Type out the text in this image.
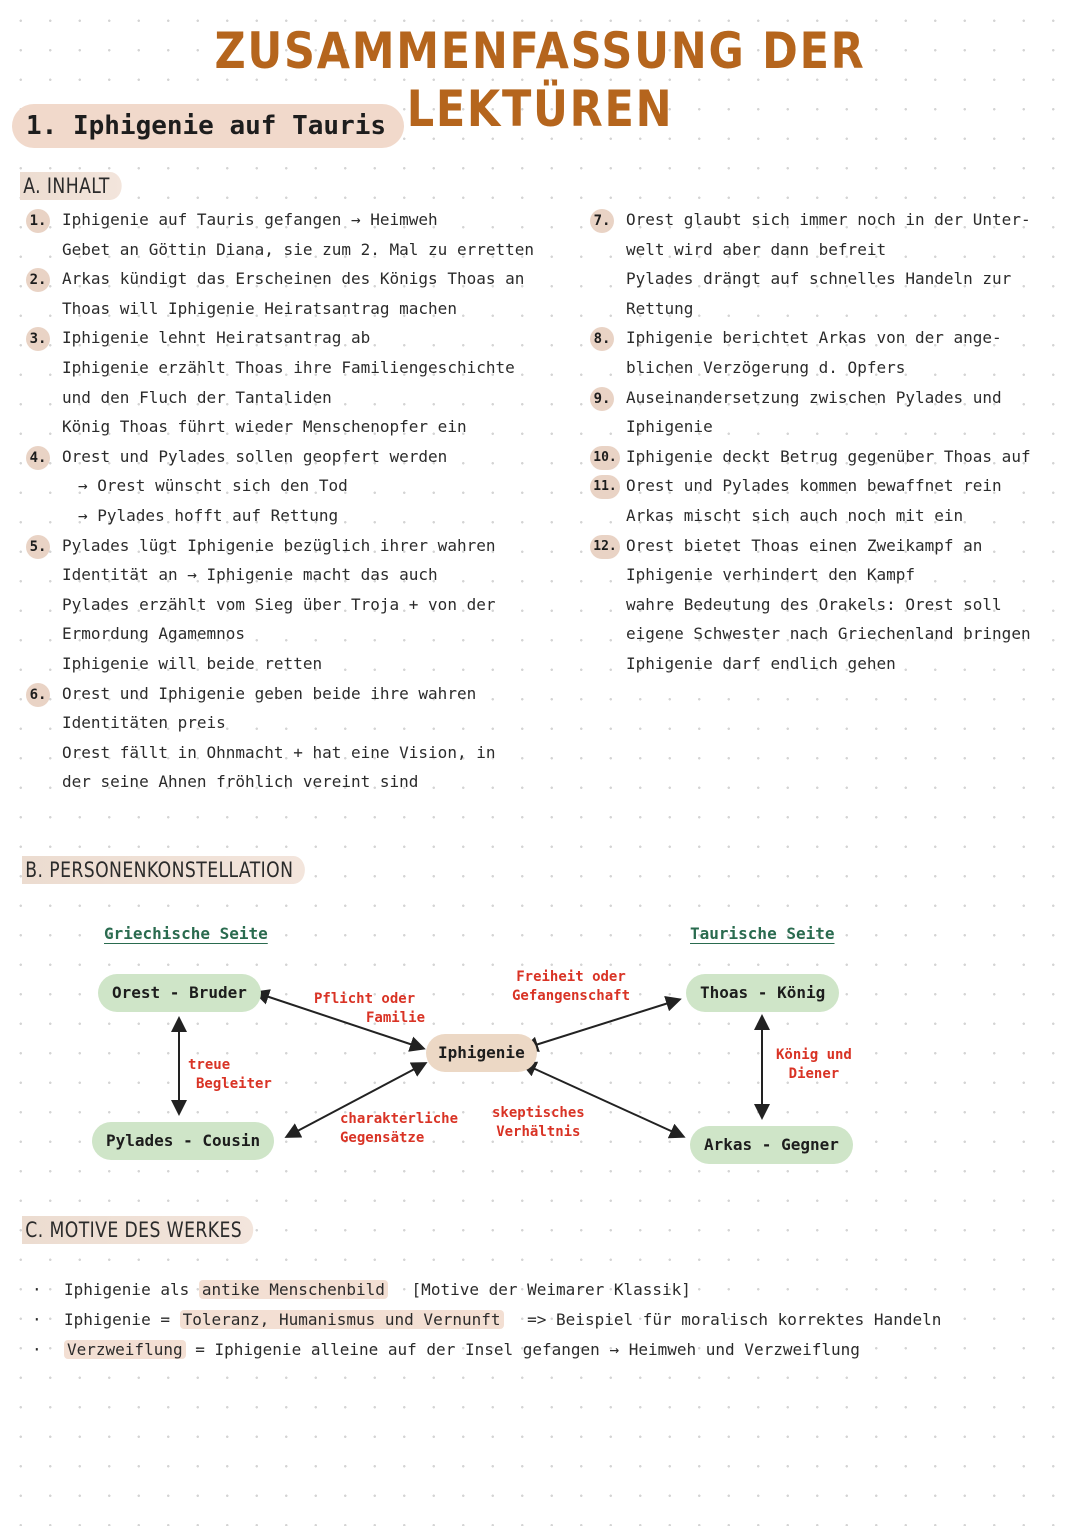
ZUSAMMENFASSUNG DER LEKTÜREN
1. Iphigenie auf Tauris
A. INHALT
1. Iphigenie auf Tauris gefangen → Heimweh
Gebet an Göttin Diana, sie zum 2. Mal zu erretten
2. Arkas kündigt das Erscheinen des Königs Thoas an
Thoas will Iphigenie Heiratsantrag machen
3. Iphigenie lehnt Heiratsantrag ab
Iphigenie erzählt Thoas ihre Familiengeschichte
und den Fluch der Tantaliden
König Thoas führt wieder Menschenopfer ein
4. Orest und Pylades sollen geopfert werden
→ Orest wünscht sich den Tod
→ Pylades hofft auf Rettung
5. Pylades lügt Iphigenie bezüglich ihrer wahren
Identität an → Iphigenie macht das auch
Pylades erzählt vom Sieg über Troja + von der
Ermordung Agamemnos
Iphigenie will beide retten
6. Orest und Iphigenie geben beide ihre wahren
Identitäten preis
Orest fällt in Ohnmacht + hat eine Vision, in
der seine Ahnen fröhlich vereint sind
7. Orest glaubt sich immer noch in der Unter-
welt wird aber dann befreit
Pylades drängt auf schnelles Handeln zur
Rettung
8. Iphigenie berichtet Arkas von der ange-
blichen Verzögerung d. Opfers
9. Auseinandersetzung zwischen Pylades und
Iphigenie
10. Iphigenie deckt Betrug gegenüber Thoas auf
11. Orest und Pylades kommen bewaffnet rein
Arkas mischt sich auch noch mit ein
12. Orest bietet Thoas einen Zweikampf an
Iphigenie verhindert den Kampf
wahre Bedeutung des Orakels: Orest soll
eigene Schwester nach Griechenland bringen
Iphigenie darf endlich gehen
B. PERSONENKONSTELLATION
Griechische Seite	Taurische Seite
Orest - Bruder
Pylades - Cousin
Iphigenie
Thoas - König
Arkas - Gegner
treue
Begleiter
Pflicht oder
Familie
Freiheit oder
Gefangenschaft
König und
Diener
charakterliche
Gegensätze
skeptisches
Verhältnis
C. MOTIVE DES WERKES
· Iphigenie als antike Menschenbild [Motive der Weimarer Klassik]
· Iphigenie = Toleranz, Humanismus und Vernunft => Beispiel für moralisch korrektes Handeln
· Verzweiflung = Iphigenie alleine auf der Insel gefangen → Heimweh und Verzweiflung
